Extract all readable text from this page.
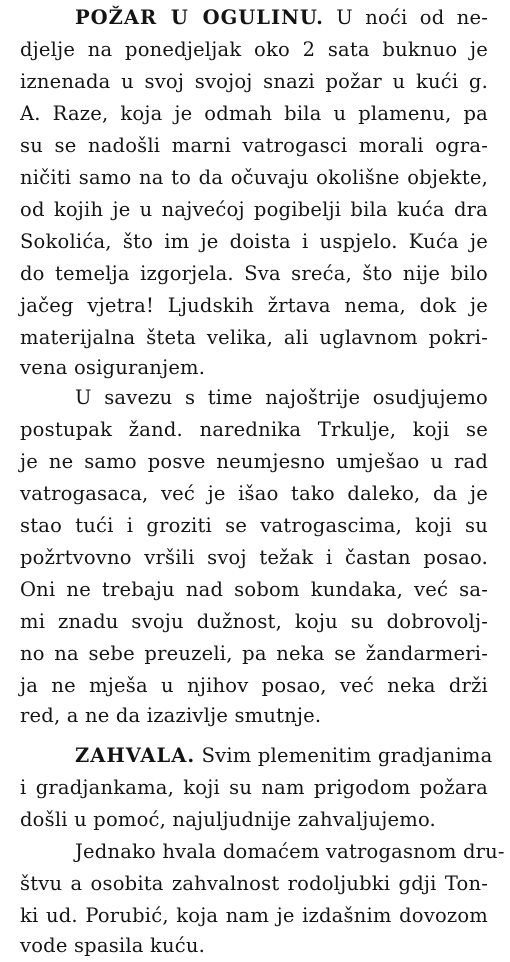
POŽAR U OGULINU. U noći od ne-
djelje na ponedjeljak oko 2 sata buknuo je
iznenada u svoj svojoj snazi požar u kući g.
A. Raze, koja je odmah bila u plamenu, pa
su se nadošli marni vatrogasci morali ogra-
ničiti samo na to da očuvaju okolišne objekte,
od kojih je u najvećoj pogibelji bila kuća dra
Sokolića, što im je doista i uspjelo. Kuća je
do temelja izgorjela. Sva sreća, što nije bilo
jačeg vjetra! Ljudskih žrtava nema, dok je
materijalna šteta velika, ali uglavnom pokri-
vena osiguranjem.
U savezu s time najoštrije osudjujemo
postupak žand. narednika Trkulje, koji se
je ne samo posve neumjesno umješao u rad
vatrogasaca, već je išao tako daleko, da je
stao tući i groziti se vatrogascima, koji su
požrtvovno vršili svoj težak i častan posao.
Oni ne trebaju nad sobom kundaka, već sa-
mi znadu svoju dužnost, koju su dobrovolj-
no na sebe preuzeli, pa neka se žandarmeri-
ja ne mješa u njihov posao, već neka drži
red, a ne da izazivlje smutnje.
ZAHVALA. Svim plemenitim gradjanima
i gradjankama, koji su nam prigodom požara
došli u pomoć, najuljudnije zahvaljujemo.
Jednako hvala domaćem vatrogasnom dru-
štvu a osobita zahvalnost rodoljubki gdji Ton-
ki ud. Porubić, koja nam je izdašnim dovozom
vode spasila kuću.
